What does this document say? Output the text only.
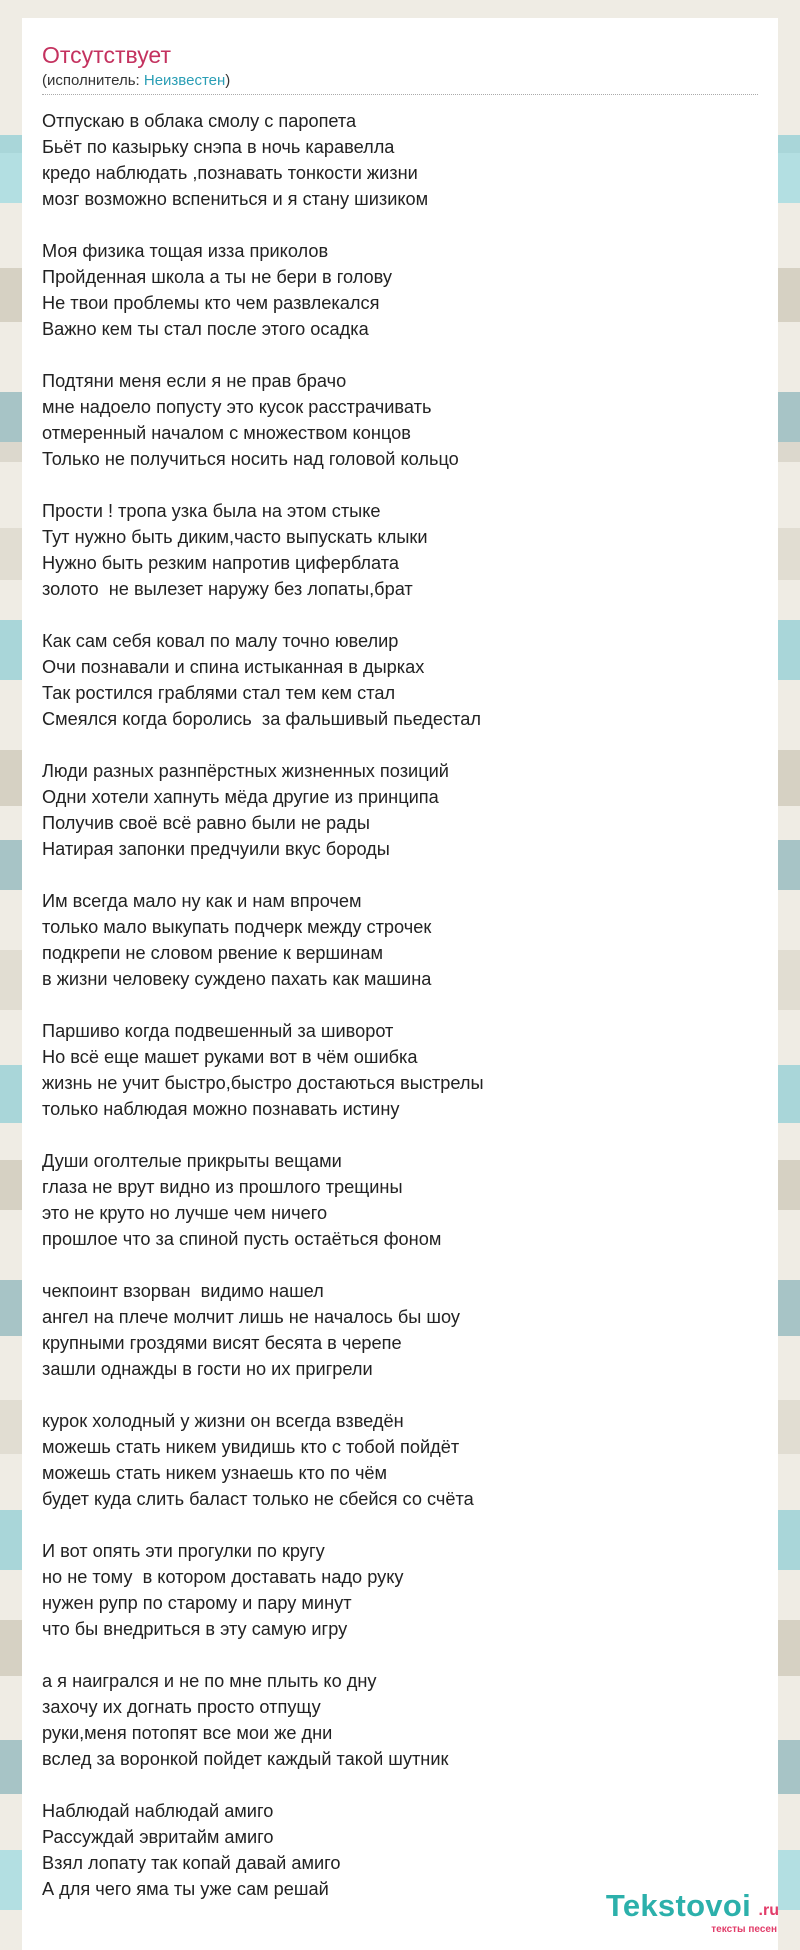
Отсутствует
(исполнитель: Неизвестен)
Отпускаю в облака смолу с паропета
Бьёт по казырьку снэпа в ночь каравелла
кредо наблюдать ,познавать тонкости жизни
мозг возможно вспениться и я стану шизиком

Моя физика тощая изза приколов
Пройденная школа а ты не бери в голову
Не твои проблемы кто чем развлекался
Важно кем ты стал после этого осадка

Подтяни меня если я не прав брачо
мне надоело попусту это кусок расстрачивать
отмеренный началом с множеством концов
Только не получиться носить над головой кольцо

Прости ! тропа узка была на этом стыке
Тут нужно быть диким,часто выпускать клыки
Нужно быть резким напротив циферблата
золото  не вылезет наружу без лопаты,брат

Как сам себя ковал по малу точно ювелир
Очи познавали и спина истыканная в дырках
Так ростился граблями стал тем кем стал
Смеялся когда боролись  за фальшивый пьедестал

Люди разных разнпёрстных жизненных позиций
Одни хотели хапнуть мёда другие из принципа
Получив своё всё равно были не рады
Натирая запонки предчуили вкус бороды

Им всегда мало ну как и нам впрочем
только мало выкупать подчерк между строчек
подкрепи не словом рвение к вершинам
в жизни человеку суждено пахать как машина

Паршиво когда подвешенный за шиворот
Но всё еще машет руками вот в чём ошибка
жизнь не учит быстро,быстро достаються выстрелы
только наблюдая можно познавать истину

Души оголтелые прикрыты вещами
глаза не врут видно из прошлого трещины
это не круто но лучше чем ничего
прошлое что за спиной пусть остаёться фоном

чекпоинт взорван  видимо нашел
ангел на плече молчит лишь не началось бы шоу
крупными гроздями висят бесята в черепе
зашли однажды в гости но их пригрели

курок холодный у жизни он всегда взведён
можешь стать никем увидишь кто с тобой пойдёт
можешь стать никем узнаешь кто по чём
будет куда слить баласт только не сбейся со счёта

И вот опять эти прогулки по кругу
но не тому  в котором доставать надо руку
нужен рупр по старому и пару минут
что бы внедриться в эту самую игру

а я наигрался и не по мне плыть ко дну
захочу их догнать просто отпущу
руки,меня потопят все мои же дни
вслед за воронкой пойдет каждый такой шутник

Наблюдай наблюдай амиго
Рассуждай эвритайм амиго
Взял лопату так копай давай амиго
А для чего яма ты уже сам решай	Tekstovoi .ru
тексты песен
